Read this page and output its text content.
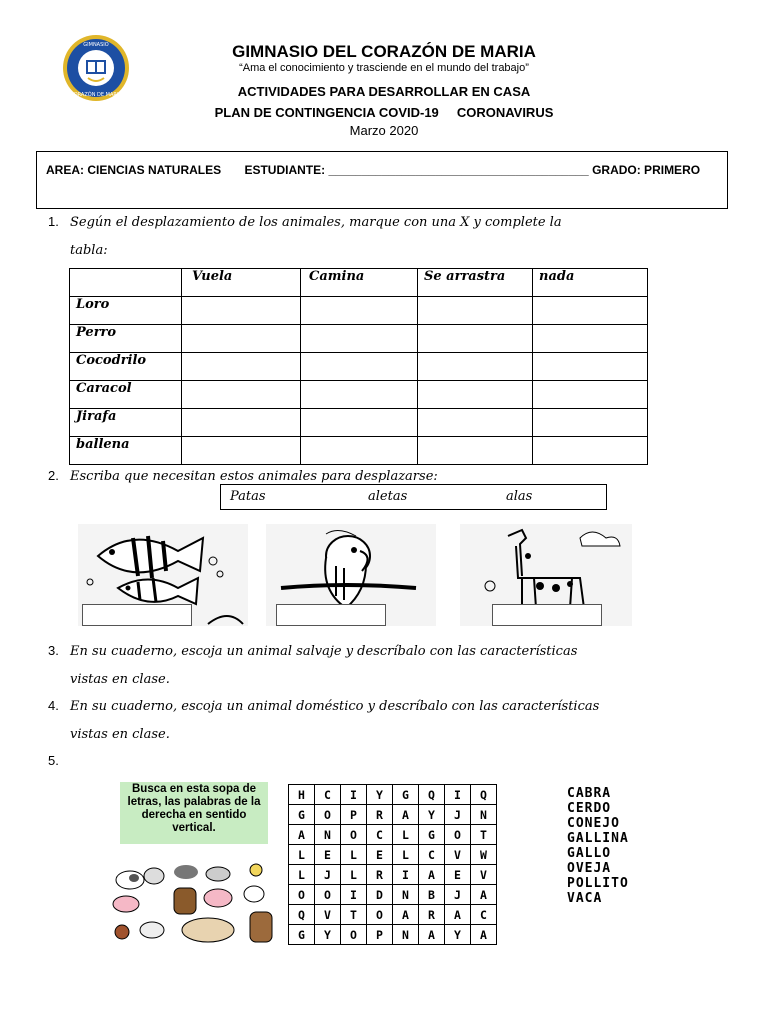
GIMNASIO
CORAZÓN DE MARIA
GIMNASIO DEL CORAZÓN DE MARIA
“Ama el conocimiento y trasciende en el mundo del trabajo”
ACTIVIDADES PARA DESARROLLAR EN CASA
PLAN DE CONTINGENCIA COVID-19     CORONAVIRUS
Marzo 2020
AREA: CIENCIAS NATURALES       ESTUDIANTE: _______________________________________ GRADO: PRIMERO
1. Según el desplazamiento de los animales, marque con una X y complete la
tabla:
	Vuela	Camina	Se arrastra	nada
Loro				
Perro				
Cocodrilo				
Caracol				
Jirafa				
ballena				
2. Escriba que necesitan estos animales para desplazarse:
Patas	aletas	alas
3. En su cuaderno, escoja un animal salvaje y descríbalo con las características
vistas en clase.
4. En su cuaderno, escoja un animal doméstico y descríbalo con las características
vistas en clase.
5.
Busca en esta sopa de letras, las palabras de la derecha en sentido vertical.
H	C	I	Y	G	Q	I	Q
G	O	P	R	A	Y	J	N
A	N	O	C	L	G	O	T
L	E	L	E	L	C	V	W
L	J	L	R	I	A	E	V
O	O	I	D	N	B	J	A
Q	V	T	O	A	R	A	C
G	Y	O	P	N	A	Y	A
CABRA
CERDO
CONEJO
GALLINA
GALLO
OVEJA
POLLITO
VACA
